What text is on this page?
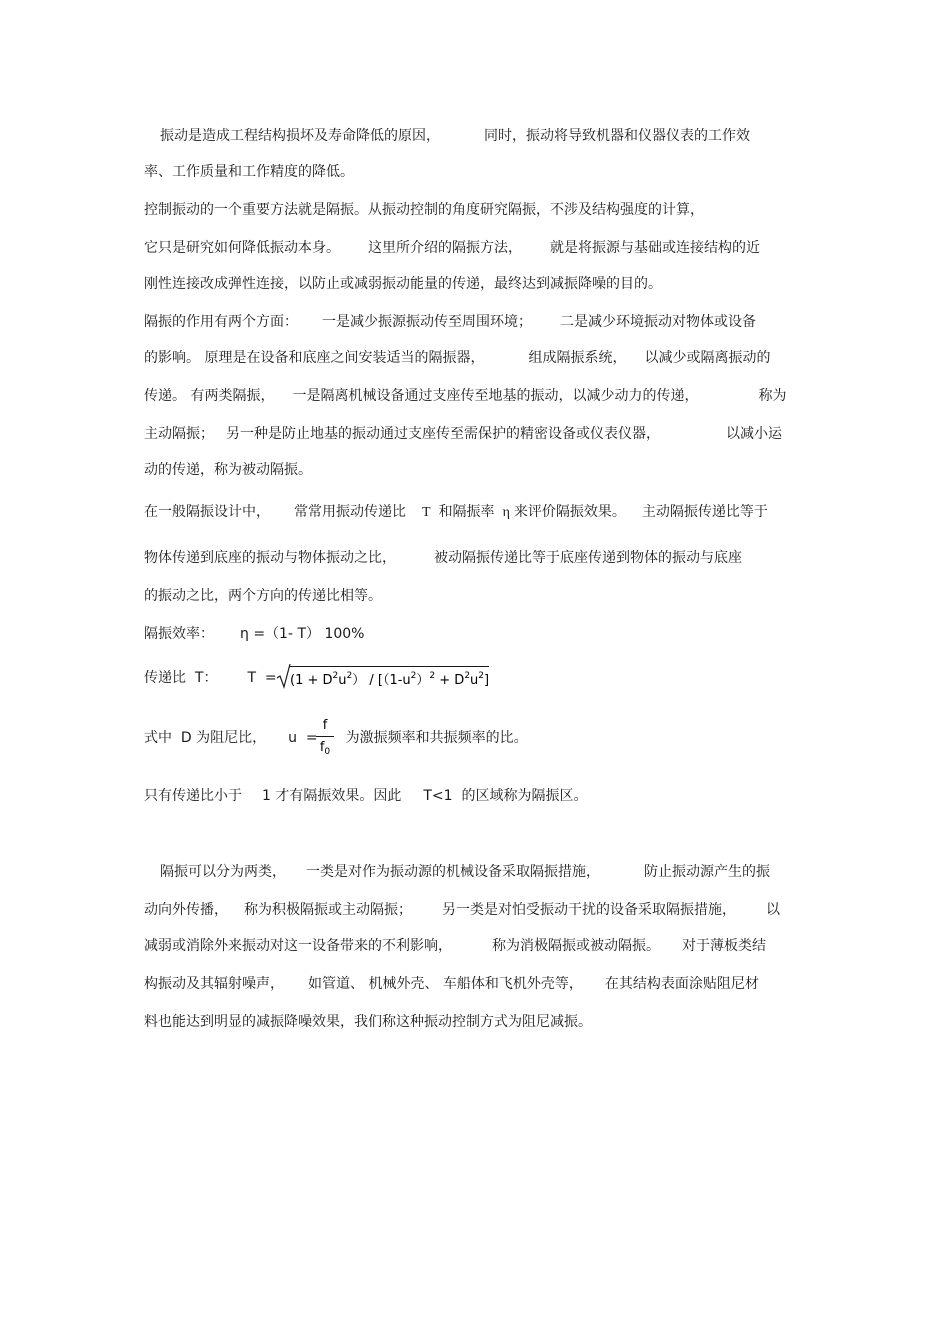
振动是造成工程结构损坏及寿命降低的原因，	同时，振动将导致机器和仪器仪表的工作效

率、工作质量和工作精度的降低。

控制振动的一个重要方法就是隔振。从振动控制的角度研究隔振，不涉及结构强度的计算，

它只是研究如何降低振动本身。 这里所介绍的隔振方法， 就是将振源与基础或连接结构的近

刚性连接改成弹性连接，以防止或减弱振动能量的传递，最终达到减振降噪的目的。

隔振的作用有两个方面： 一是减少振源振动传至周围环境； 二是减少环境振动对物体或设备

的影响。 原理是在设备和底座之间安装适当的隔振器，	组成隔振系统， 以减少或隔离振动的

传递。 有两类隔振， 一是隔离机械设备通过支座传至地基的振动，以减少动力的传递，	称为

主动隔振； 另一种是防止地基的振动通过支座传至需保护的精密设备或仪表仪器，	以减小运

动的传递，称为被动隔振。

在一般隔振设计中， 常常用振动传递比 T 和隔振率 η 来评价隔振效果。 主动隔振传递比等于

物体传递到底座的振动与物体振动之比，	被动隔振传递比等于底座传递到物体的振动与底座

的振动之比，两个方向的传递比相等。

隔振效率： η =（1- T） 100%

传递比  T： $T = (1 + D^2u^2) / [(1-u^2)^2 + D^2u^2]$

式中  D 为阻尼比， u  = 为激振频率和共振频率的比。

f
$f_0$

只有传递比小于 1 才有隔振效果。因此 T<1  的区域称为隔振区。

隔振可以分为两类， 一类是对作为振动源的机械设备采取隔振措施，	防止振动源产生的振

动向外传播， 称为积极隔振或主动隔振； 另一类是对怕受振动干扰的设备采取隔振措施， 以

减弱或消除外来振动对这一设备带来的不利影响，	称为消极隔振或被动隔振。 对于薄板类结

构振动及其辐射噪声， 如管道、 机械外壳、 车船体和飞机外壳等， 在其结构表面涂贴阻尼材

料也能达到明显的减振降噪效果，我们称这种振动控制方式为阻尼减振。
